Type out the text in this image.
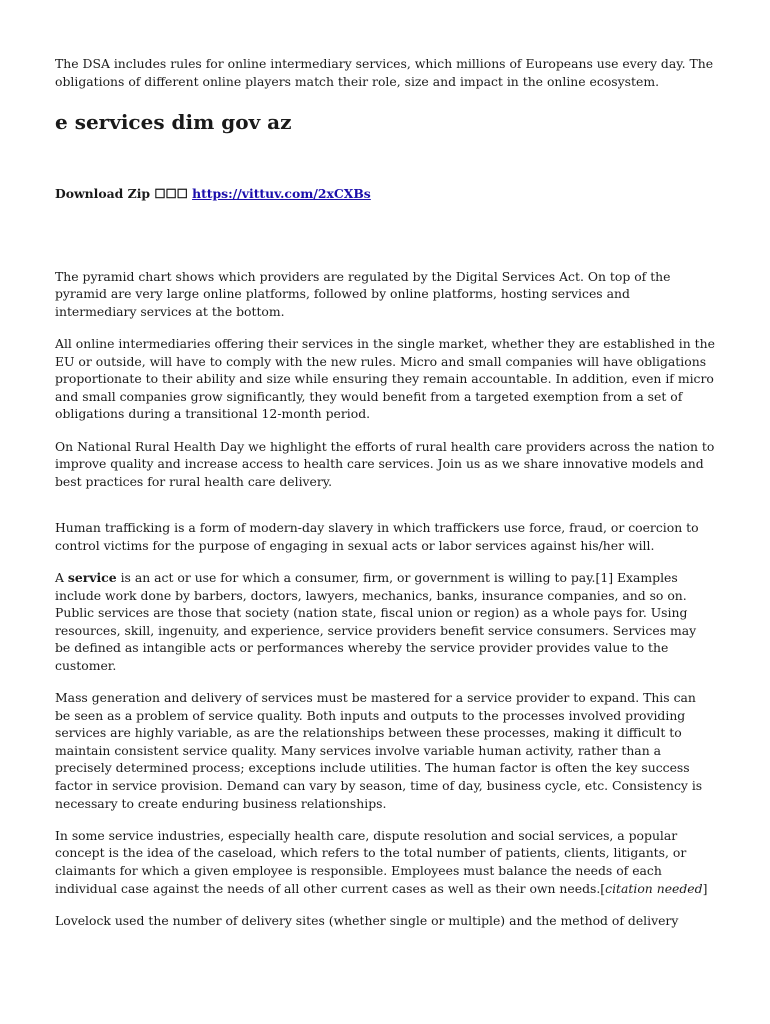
The DSA includes rules for online intermediary services, which millions of Europeans use every day. The obligations of different online players match their role, size and impact in the online ecosystem.

e services dim gov az
Download Zip ☐☐☐ https://vittuv.com/2xCXBs

The pyramid chart shows which providers are regulated by the Digital Services Act. On top of the pyramid are very large online platforms, followed by online platforms, hosting services and intermediary services at the bottom.

All online intermediaries offering their services in the single market, whether they are established in the EU or outside, will have to comply with the new rules. Micro and small companies will have obligations proportionate to their ability and size while ensuring they remain accountable. In addition, even if micro and small companies grow significantly, they would benefit from a targeted exemption from a set of obligations during a transitional 12-month period.

On National Rural Health Day we highlight the efforts of rural health care providers across the nation to improve quality and increase access to health care services. Join us as we share innovative models and best practices for rural health care delivery.

Human trafficking is a form of modern-day slavery in which traffickers use force, fraud, or coercion to control victims for the purpose of engaging in sexual acts or labor services against his/her will.

A service is an act or use for which a consumer, firm, or government is willing to pay.[1] Examples include work done by barbers, doctors, lawyers, mechanics, banks, insurance companies, and so on. Public services are those that society (nation state, fiscal union or region) as a whole pays for. Using resources, skill, ingenuity, and experience, service providers benefit service consumers. Services may be defined as intangible acts or performances whereby the service provider provides value to the customer.

Mass generation and delivery of services must be mastered for a service provider to expand. This can be seen as a problem of service quality. Both inputs and outputs to the processes involved providing services are highly variable, as are the relationships between these processes, making it difficult to maintain consistent service quality. Many services involve variable human activity, rather than a precisely determined process; exceptions include utilities. The human factor is often the key success factor in service provision. Demand can vary by season, time of day, business cycle, etc. Consistency is necessary to create enduring business relationships.

In some service industries, especially health care, dispute resolution and social services, a popular concept is the idea of the caseload, which refers to the total number of patients, clients, litigants, or claimants for which a given employee is responsible. Employees must balance the needs of each individual case against the needs of all other current cases as well as their own needs.[citation needed]

Lovelock used the number of delivery sites (whether single or multiple) and the method of delivery
